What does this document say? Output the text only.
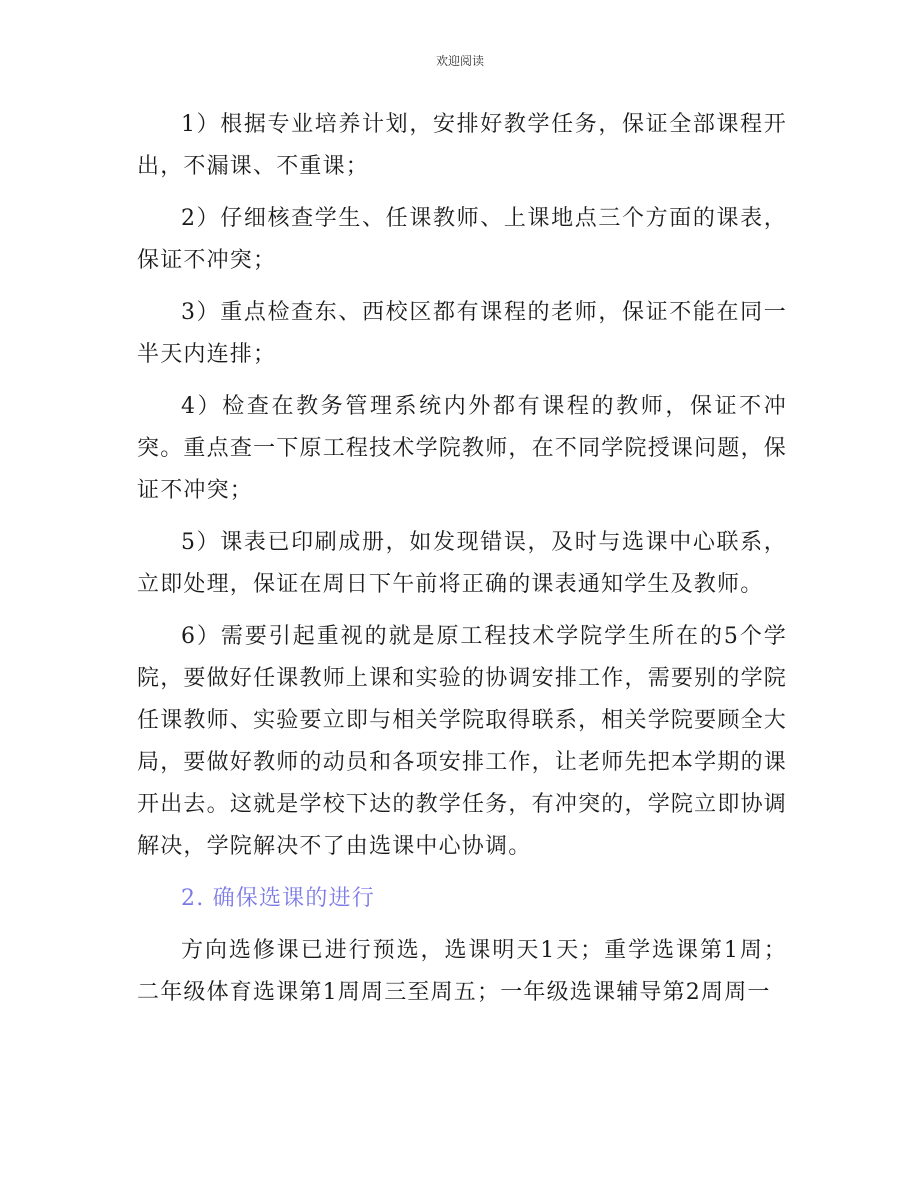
欢迎阅读

1）根据专业培养计划，安排好教学任务，保证全部课程开出，不漏课、不重课；

2）仔细核查学生、任课教师、上课地点三个方面的课表，保证不冲突；

3）重点检查东、西校区都有课程的老师，保证不能在同一半天内连排；

4）检查在教务管理系统内外都有课程的教师，保证不冲突。重点查一下原工程技术学院教师，在不同学院授课问题，保证不冲突；

5）课表已印刷成册，如发现错误，及时与选课中心联系，立即处理，保证在周日下午前将正确的课表通知学生及教师。

6）需要引起重视的就是原工程技术学院学生所在的5个学院，要做好任课教师上课和实验的协调安排工作，需要别的学院任课教师、实验要立即与相关学院取得联系，相关学院要顾全大局，要做好教师的动员和各项安排工作，让老师先把本学期的课开出去。这就是学校下达的教学任务，有冲突的，学院立即协调解决，学院解决不了由选课中心协调。

2. 确保选课的进行

方向选修课已进行预选，选课明天1天；重学选课第1周；二年级体育选课第1周周三至周五；一年级选课辅导第2周周一
